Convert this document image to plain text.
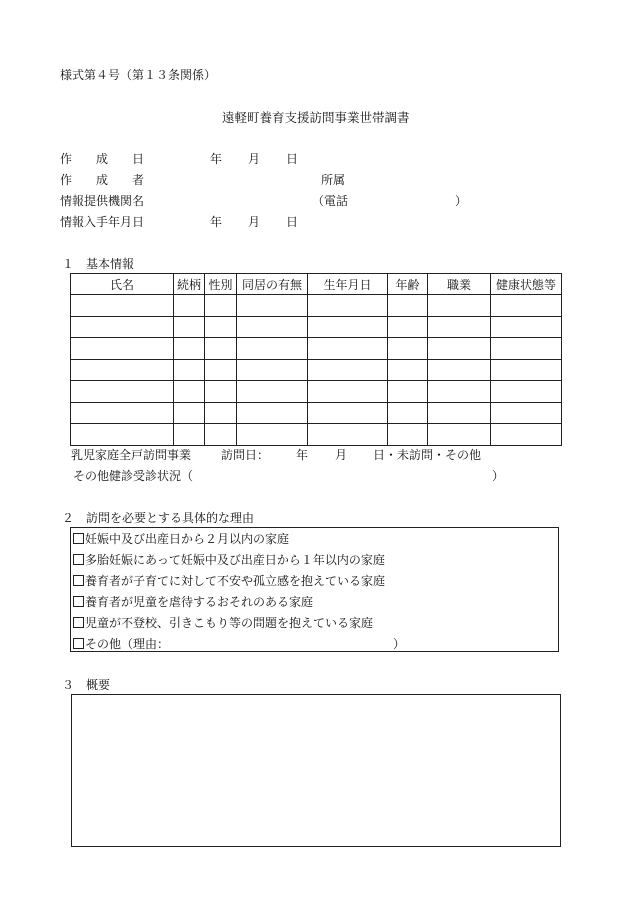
様式第４号（第１３条関係）
遠軽町養育支援訪問事業世帯調書
作　　成　　日	年 月 日
作　　成　　者	所属
情報提供機関名	（電話	）
情報入手年月日	年 月 日
１　基本情報
氏名	続柄	性別	同居の有無	生年月日	年齢	職業	健康状態等

乳児家庭全戸訪問事業 訪問日： 年 月 日・未訪問・その他
その他健診受診状況（	）
２　訪問を必要とする具体的な理由
妊娠中及び出産日から２月以内の家庭
多胎妊娠にあって妊娠中及び出産日から１年以内の家庭
養育者が子育てに対して不安や孤立感を抱えている家庭
養育者が児童を虐待するおそれのある家庭
児童が不登校、引きこもり等の問題を抱えている家庭
その他（理由：	）
３　概要
